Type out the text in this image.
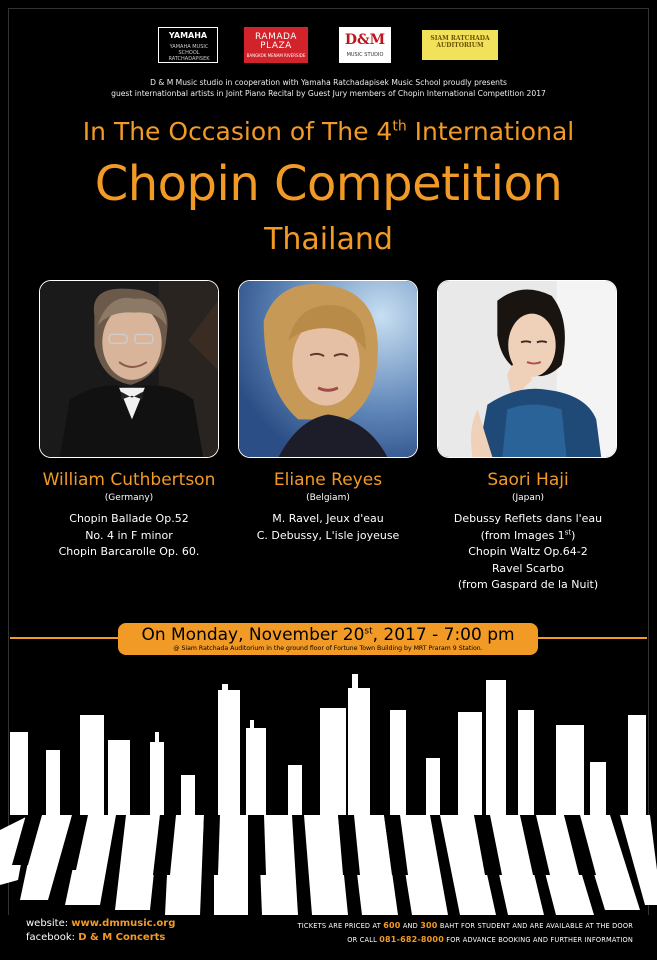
YAMAHA
YAMAHA MUSIC SCHOOL RATCHADAPISEK
RAMADA
PLAZA
BANGKOK MENAM RIVERSIDE
D&M
MUSIC STUDIO
SIAM RATCHADA
AUDITORIUM
D & M Music studio in cooperation with Yamaha Ratchadapisek Music School proudly presents
guest internationbal artists in Joint Piano Recital by Guest Jury members of Chopin International Competition 2017
In The Occasion of The 4th International
Chopin Competition
Thailand
William Cuthbertson
(Germany)
Chopin Ballade Op.52
No. 4 in F minor
Chopin Barcarolle Op. 60.
Eliane Reyes
(Belgiam)
M. Ravel, Jeux d'eau
C. Debussy, L'isle joyeuse
Saori Haji
(Japan)
Debussy Reflets dans l'eau
(from Images 1st)
Chopin Waltz Op.64-2
Ravel Scarbo
(from Gaspard de la Nuit)
On Monday, November 20st, 2017 - 7:00 pm
@ Siam Ratchada Auditorium in the ground floor of Fortune Town Building by MRT Praram 9 Station.
website: www.dmmusic.org
facebook: D & M Concerts
TICKETS ARE PRICED AT 600 AND 300 BAHT FOR STUDENT AND ARE AVAILABLE AT THE DOOR
OR CALL 081-682-8000 FOR ADVANCE BOOKING AND FURTHER INFORMATION
